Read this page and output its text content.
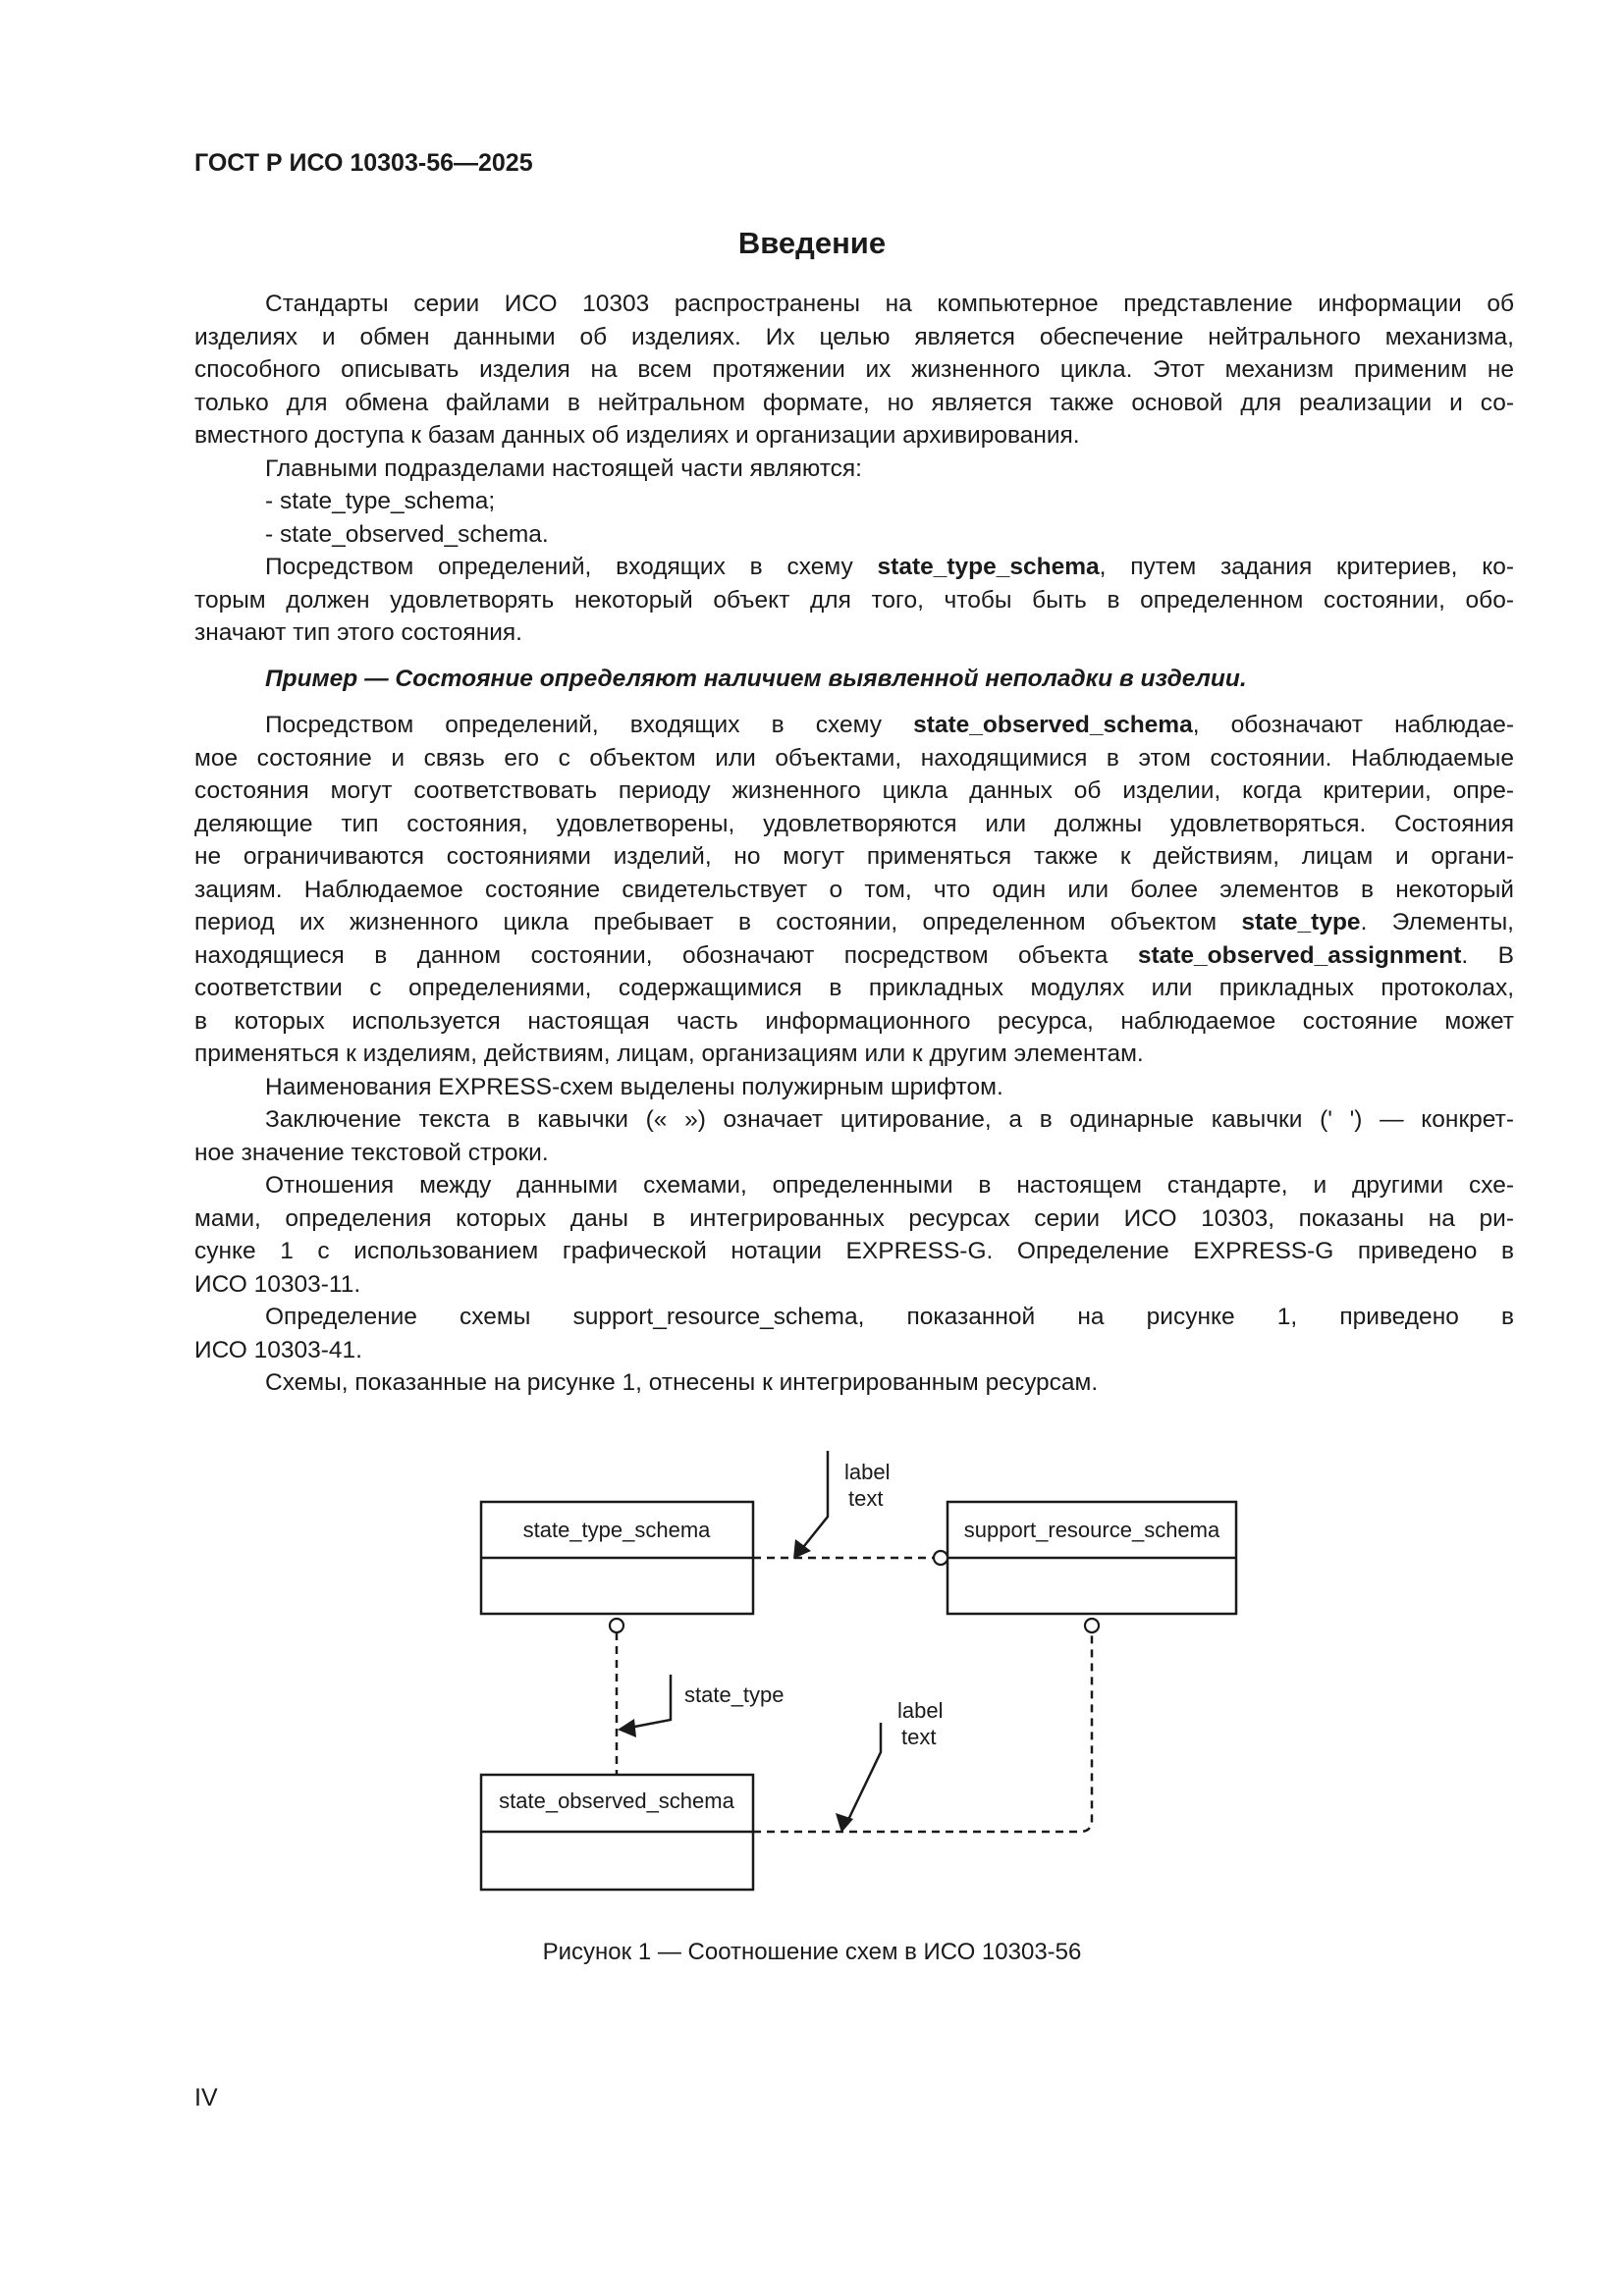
ГОСТ Р ИСО 10303-56—2025
Введение
Стандарты серии ИСО 10303 распространены на компьютерное представление информации об
изделиях и обмен данными об изделиях. Их целью является обеспечение нейтрального механизма,
способного описывать изделия на всем протяжении их жизненного цикла. Этот механизм применим не
только для обмена файлами в нейтральном формате, но является также основой для реализации и со-
вместного доступа к базам данных об изделиях и организации архивирования.
Главными подразделами настоящей части являются:
- state_type_schema;
- state_observed_schema.
Посредством определений, входящих в схему state_type_schema, путем задания критериев, ко-
торым должен удовлетворять некоторый объект для того, чтобы быть в определенном состоянии, обо-
значают тип этого состояния.
Пример — Состояние определяют наличием выявленной неполадки в изделии.
Посредством определений, входящих в схему state_observed_schema, обозначают наблюдае-
мое состояние и связь его с объектом или объектами, находящимися в этом состоянии. Наблюдаемые
состояния могут соответствовать периоду жизненного цикла данных об изделии, когда критерии, опре-
деляющие тип состояния, удовлетворены, удовлетворяются или должны удовлетворяться. Состояния
не ограничиваются состояниями изделий, но могут применяться также к действиям, лицам и органи-
зациям. Наблюдаемое состояние свидетельствует о том, что один или более элементов в некоторый
период их жизненного цикла пребывает в состоянии, определенном объектом state_type. Элементы,
находящиеся в данном состоянии, обозначают посредством объекта state_observed_assignment. В
соответствии с определениями, содержащимися в прикладных модулях или прикладных протоколах,
в которых используется настоящая часть информационного ресурса, наблюдаемое состояние может
применяться к изделиям, действиям, лицам, организациям или к другим элементам.
Наименования EXPRESS-схем выделены полужирным шрифтом.
Заключение текста в кавычки (« ») означает цитирование, а в одинарные кавычки (' ') — конкрет-
ное значение текстовой строки.
Отношения между данными схемами, определенными в настоящем стандарте, и другими схе-
мами, определения которых даны в интегрированных ресурсах серии ИСО 10303, показаны на ри-
сунке 1 с использованием графической нотации EXPRESS-G. Определение EXPRESS-G приведено в
ИСО 10303-11.
Определение схемы support_resource_schema, показанной на рисунке 1, приведено в
ИСО 10303-41.
Схемы, показанные на рисунке 1, отнесены к интегрированным ресурсам.
state_type_schema	support_resource_schema
state_observed_schema
label
text
state_type
label
text
Рисунок 1 — Соотношение схем в ИСО 10303-56
IV
